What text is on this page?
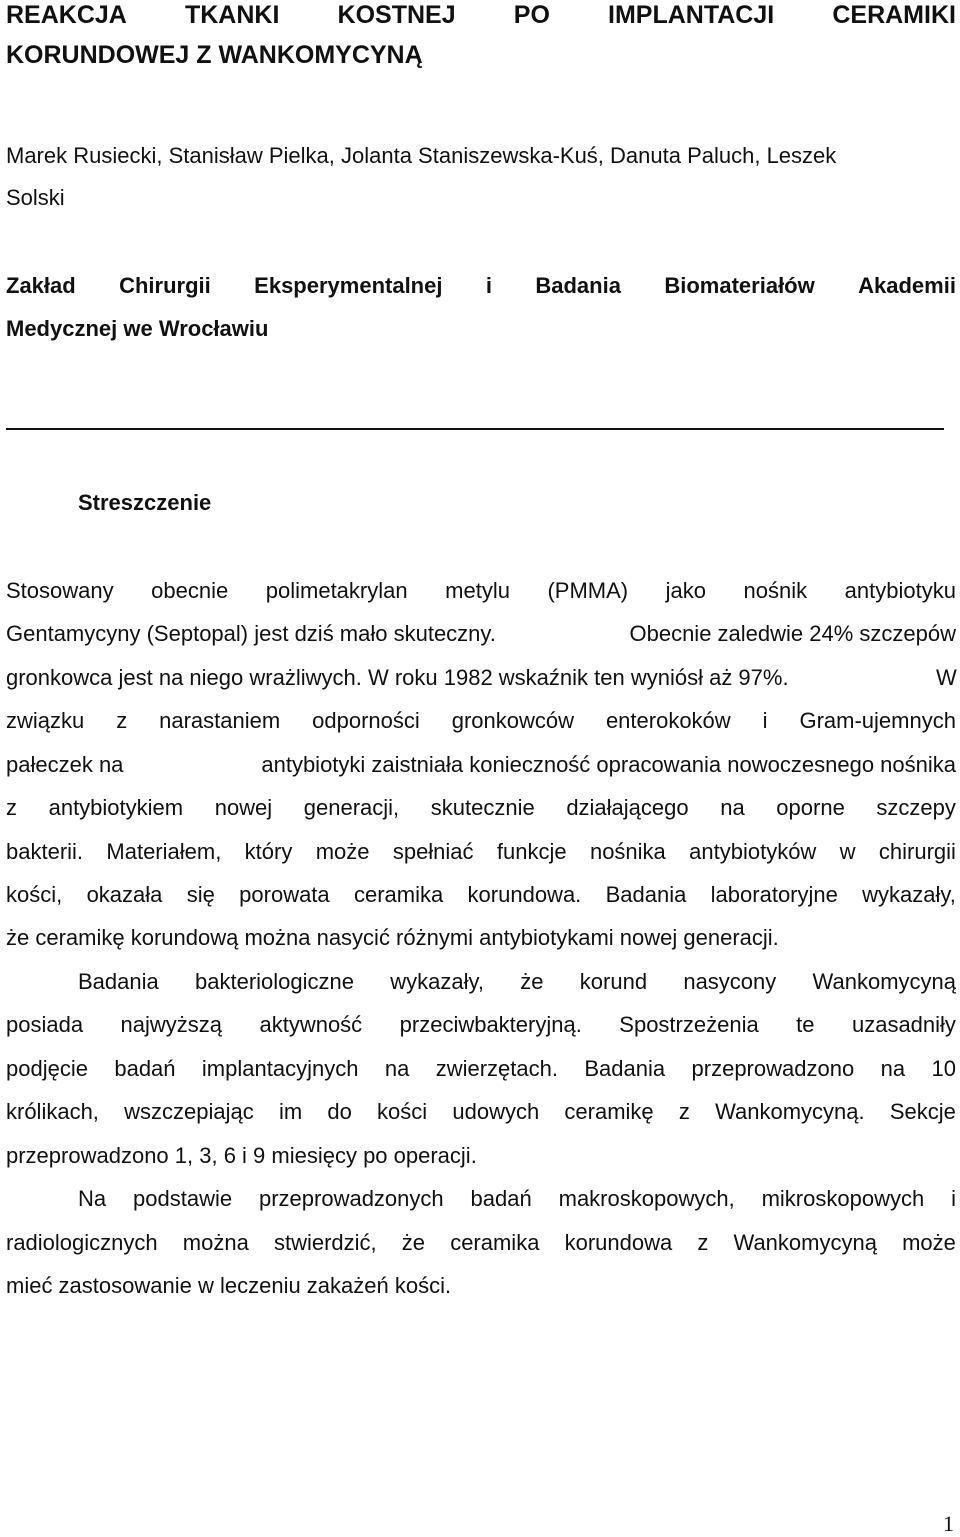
REAKCJA TKANKI KOSTNEJ PO IMPLANTACJI CERAMIKI
KORUNDOWEJ Z WANKOMYCYNĄ
Marek Rusiecki, Stanisław Pielka, Jolanta Staniszewska-Kuś, Danuta Paluch, Leszek
Solski
Zakład Chirurgii Eksperymentalnej i Badania Biomateriałów Akademii
Medycznej we Wrocławiu
Streszczenie
Stosowany obecnie polimetakrylan metylu (PMMA) jako nośnik antybiotyku
Gentamycyny (Septopal) jest dziś mało skuteczny.	Obecnie zaledwie 24% szczepów
gronkowca jest na niego wrażliwych. W roku 1982 wskaźnik ten wyniósł aż 97%.	W
związku z narastaniem odporności gronkowców enterokoków i Gram-ujemnych
pałeczek na	antybiotyki zaistniała konieczność opracowania nowoczesnego nośnika
z antybiotykiem nowej generacji, skutecznie działającego na oporne szczepy
bakterii. Materiałem, który może spełniać funkcje nośnika antybiotyków w chirurgii
kości, okazała się porowata ceramika korundowa. Badania laboratoryjne wykazały,
że ceramikę korundową można nasycić różnymi antybiotykami nowej generacji.
Badania bakteriologiczne wykazały, że korund nasycony Wankomycyną
posiada najwyższą aktywność przeciwbakteryjną. Spostrzeżenia te uzasadniły
podjęcie badań implantacyjnych na zwierzętach. Badania przeprowadzono na 10
królikach, wszczepiając im do kości udowych ceramikę z Wankomycyną. Sekcje
przeprowadzono 1, 3, 6 i 9 miesięcy po operacji.
Na podstawie przeprowadzonych badań makroskopowych, mikroskopowych i
radiologicznych można stwierdzić, że ceramika korundowa z Wankomycyną może
mieć zastosowanie w leczeniu zakażeń kości.
1
